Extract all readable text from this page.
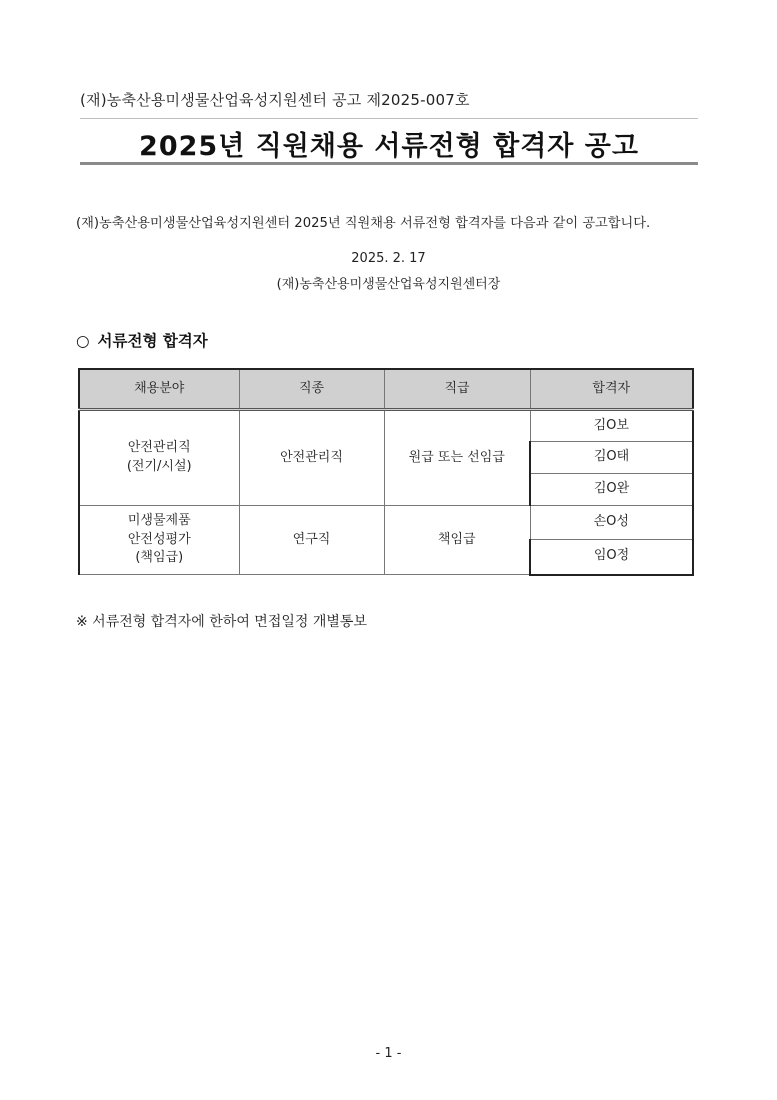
(재)농축산용미생물산업육성지원센터 공고 제2025-007호
2025년 직원채용 서류전형 합격자 공고
(재)농축산용미생물산업육성지원센터 2025년 직원채용 서류전형 합격자를 다음과 같이 공고합니다.
2025. 2. 17
(재)농축산용미생물산업육성지원센터장
○ 서류전형 합격자
채용분야	직종	직급	합격자

안전관리직
(전기/시설)	안전관리직	원급 또는 선임급	김O보
			김O태
			김O완

미생물제품
안전성평가
(책임급)	연구직	책임급	손O성
			임O정
※ 서류전형 합격자에 한하여 면접일정 개별통보
- 1 -
